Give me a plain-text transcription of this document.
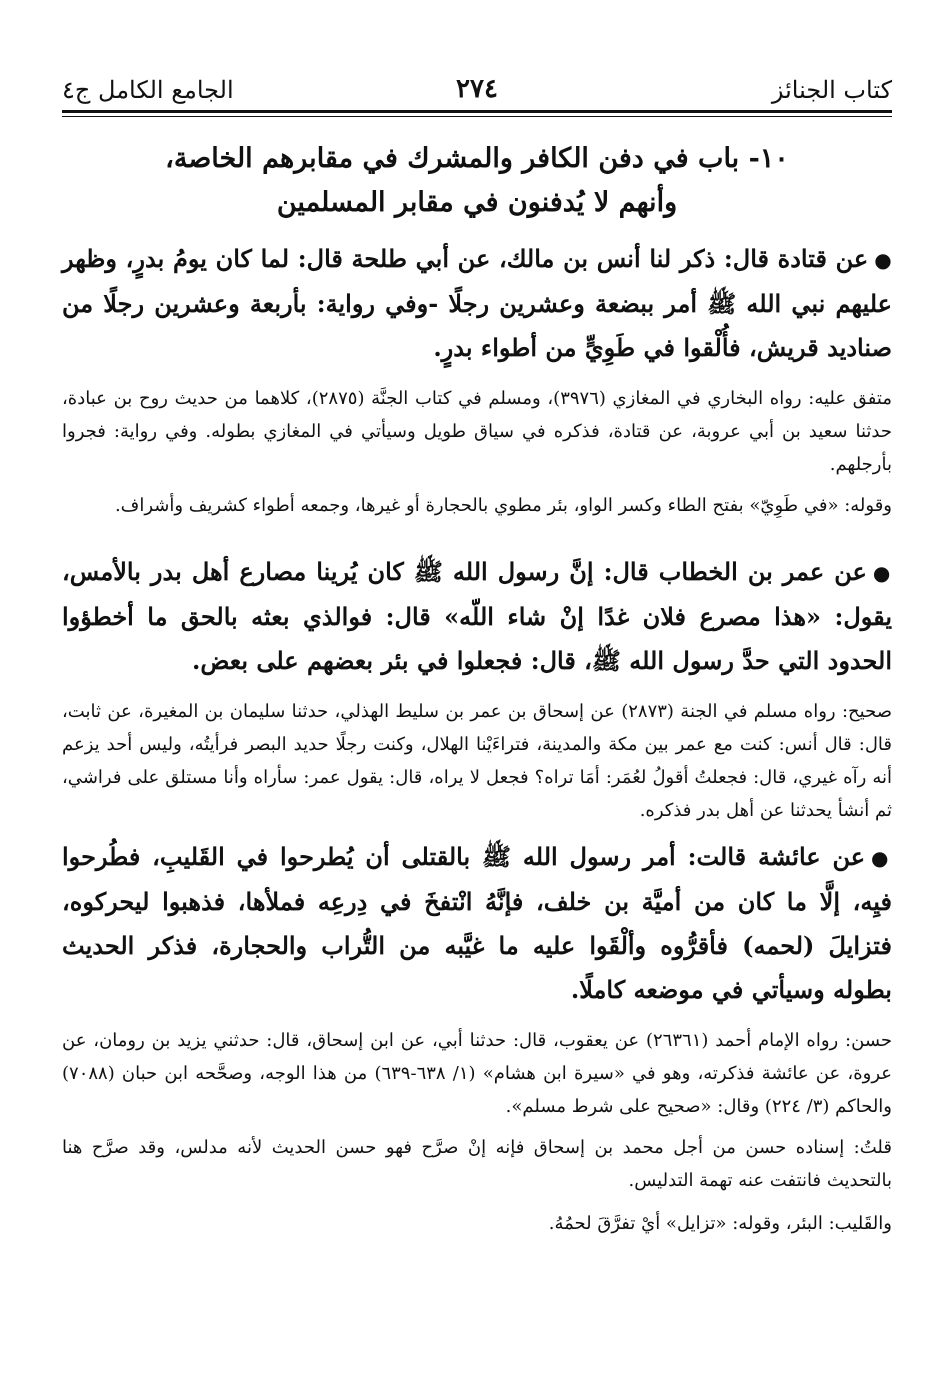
كتاب الجنائز
٢٧٤
الجامع الكامل ج٤
١٠- باب في دفن الكافر والمشرك في مقابرهم الخاصة،
وأنهم لا يُدفنون في مقابر المسلمين

●عن قتادة قال: ذكر لنا أنس بن مالك، عن أبي طلحة قال: لما كان يومُ بدرٍ، وظهر عليهم نبي الله ﷺ أمر ببضعة وعشرين رجلًا -وفي رواية: بأربعة وعشرين رجلًا من صناديد قريش، فأُلْقوا في طَوِيٍّ من أطواء بدرٍ.

متفق عليه: رواه البخاري في المغازي (٣٩٧٦)، ومسلم في كتاب الجنَّة (٢٨٧٥)، كلاهما من حديث روح بن عبادة، حدثنا سعيد بن أبي عروبة، عن قتادة، فذكره في سياق طويل وسيأتي في المغازي بطوله. وفي رواية: فجروا بأرجلهم.

وقوله: «في طَوِيّ» بفتح الطاء وكسر الواو، بئر مطوي بالحجارة أو غيرها، وجمعه أطواء كشريف وأشراف.

●عن عمر بن الخطاب قال: إنَّ رسول الله ﷺ كان يُرينا مصارع أهل بدر بالأمس، يقول: «هذا مصرع فلان غدًا إنْ شاء اللّه» قال: فوالذي بعثه بالحق ما أخطؤوا الحدود التي حدَّ رسول الله ﷺ، قال: فجعلوا في بئر بعضهم على بعض.

صحيح: رواه مسلم في الجنة (٢٨٧٣) عن إسحاق بن عمر بن سليط الهذلي، حدثنا سليمان بن المغيرة، عن ثابت، قال: قال أنس: كنت مع عمر بين مكة والمدينة، فتراءَيْنا الهلال، وكنت رجلًا حديد البصر فرأيتُه، وليس أحد يزعم أنه رآه غيري، قال: فجعلتُ أقولُ لعُمَر: أمَا تراه؟ فجعل لا يراه، قال: يقول عمر: سأراه وأنا مستلق على فراشي، ثم أنشأ يحدثنا عن أهل بدر فذكره.

●عن عائشة قالت: أمر رسول الله ﷺ بالقتلى أن يُطرحوا في القَليبِ، فطُرحوا فيِه، إلَّا ما كان من أميَّة بن خلف، فإنَّهُ انْتفخَ في دِرعِه فملأها، فذهبوا ليحركوه، فتزايلَ (لحمه) فأقرُّوه وألْقَوا عليه ما غيَّبه من التُّراب والحجارة، فذكر الحديث بطوله وسيأتي في موضعه كاملًا.

حسن: رواه الإمام أحمد (٢٦٣٦١) عن يعقوب، قال: حدثنا أبي، عن ابن إسحاق، قال: حدثني يزيد بن رومان، عن عروة، عن عائشة فذكرته، وهو في «سيرة ابن هشام» (١/ ٦٣٨-٦٣٩) من هذا الوجه، وصحَّحه ابن حبان (٧٠٨٨) والحاكم (٣/ ٢٢٤) وقال: «صحيح على شرط مسلم».

قلتُ: إسناده حسن من أجل محمد بن إسحاق فإنه إنْ صرَّح فهو حسن الحديث لأنه مدلس، وقد صرَّح هنا بالتحديث فانتفت عنه تهمة التدليس.

والقَليب: البئر، وقوله: «تزايل» أيْ تفرَّقَ لحمُهُ.
